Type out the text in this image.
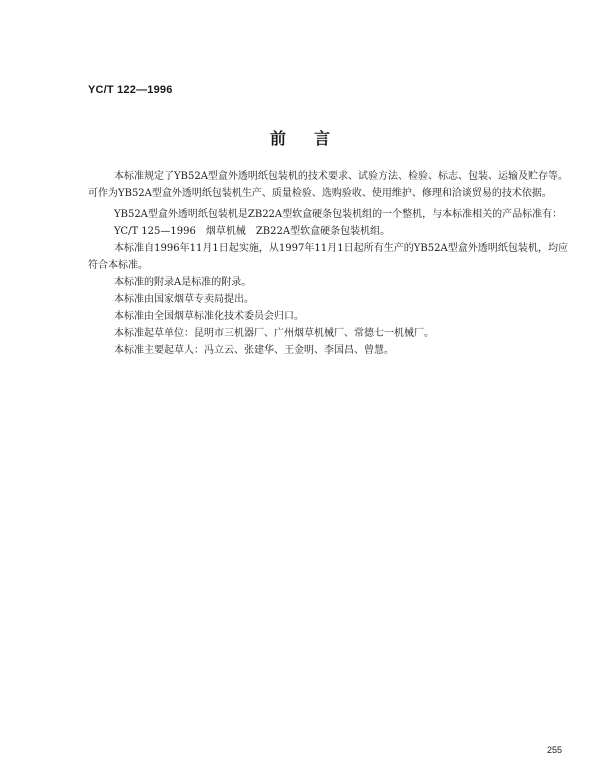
YC/T 122—1996
前言

本标准规定了YB52A型盒外透明纸包装机的技术要求、试验方法、检验、标志、包装、运输及贮存等。可作为YB52A型盒外透明纸包装机生产、质量检验、选购验收、使用维护、修理和洽谈贸易的技术依据。

YB52A型盒外透明纸包装机是ZB22A型软盒硬条包装机组的一个整机，与本标准相关的产品标准有：

YC/T 125—1996　烟草机械　ZB22A型软盒硬条包装机组。

本标准自1996年11月1日起实施，从1997年11月1日起所有生产的YB52A型盒外透明纸包装机，均应符合本标准。

本标准的附录A是标准的附录。

本标准由国家烟草专卖局提出。

本标准由全国烟草标准化技术委员会归口。

本标准起草单位：昆明市三机器厂、广州烟草机械厂、常德七一机械厂。

本标准主要起草人：冯立云、张建华、王金明、李国昌、曾慧。

255
